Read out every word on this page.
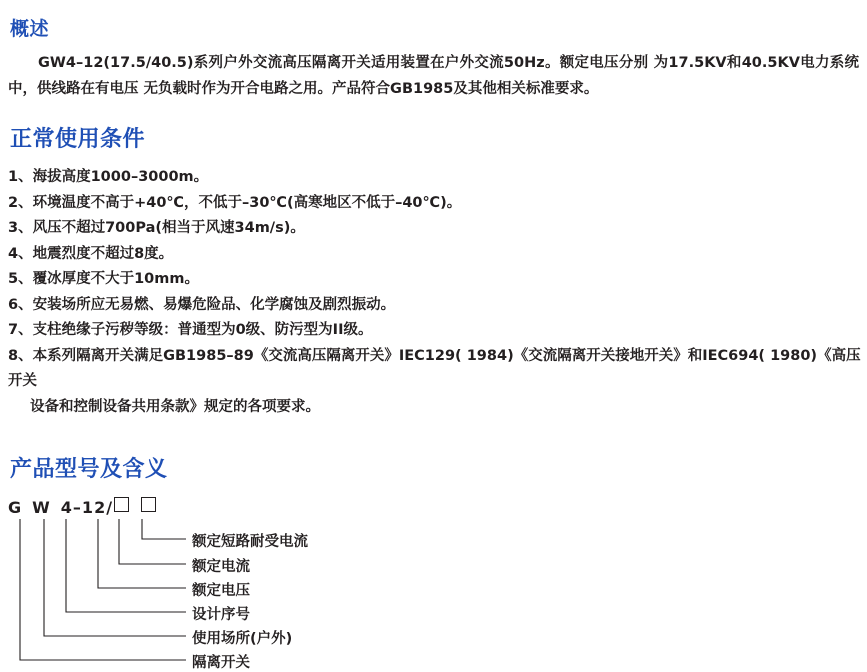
概述
GW4–12(17.5/40.5)系列户外交流高压隔离开关适用装置在户外交流50Hz。额定电压分别 为17.5KV和40.5KV电力系统中，供线路在有电压 无负载时作为开合电路之用。产品符合GB1985及其他相关标准要求。
正常使用条件
1、海拔高度1000–3000m。
2、环境温度不高于+40℃，不低于–30℃(高寒地区不低于–40℃)。
3、风压不超过700Pa(相当于风速34m/s)。
4、地震烈度不超过8度。
5、覆冰厚度不大于10mm。
6、安装场所应无易燃、易爆危险品、化学腐蚀及剧烈振动。
7、支柱绝缘子污秽等级：普通型为0级、防污型为II级。
8、本系列隔离开关满足GB1985–89《交流高压隔离开关》IEC129( 1984)《交流隔离开关接地开关》和IEC694( 1980)《高压开关
设备和控制设备共用条款》规定的各项要求。
产品型号及含义
G W 4–12/
额定短路耐受电流
额定电流
额定电压
设计序号
使用场所(户外)
隔离开关
